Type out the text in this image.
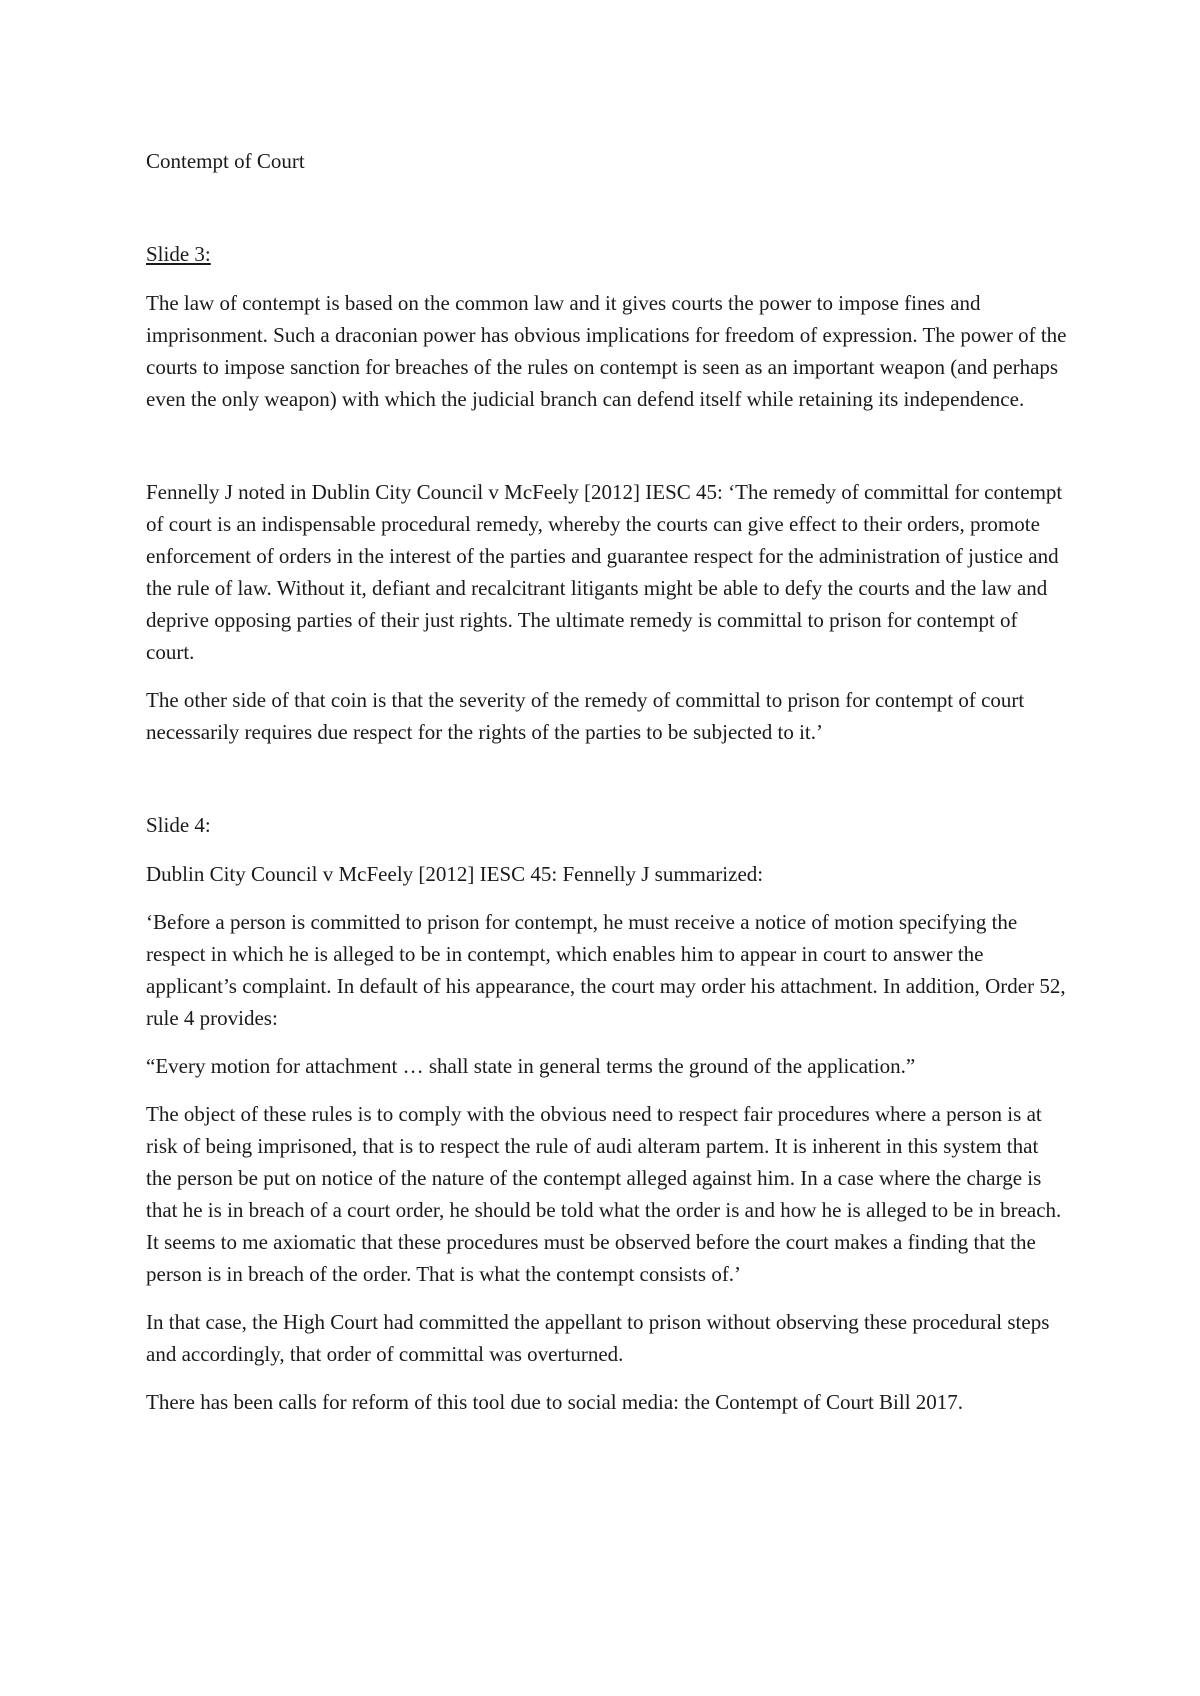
Contempt of Court

Slide 3:

The law of contempt is based on the common law and it gives courts the power to impose fines and imprisonment. Such a draconian power has obvious implications for freedom of expression. The power of the courts to impose sanction for breaches of the rules on contempt is seen as an important weapon (and perhaps even the only weapon) with which the judicial branch can defend itself while retaining its independence.

Fennelly J noted in Dublin City Council v McFeely [2012] IESC 45: ‘The remedy of committal for contempt of court is an indispensable procedural remedy, whereby the courts can give effect to their orders, promote enforcement of orders in the interest of the parties and guarantee respect for the administration of justice and the rule of law. Without it, defiant and recalcitrant litigants might be able to defy the courts and the law and deprive opposing parties of their just rights. The ultimate remedy is committal to prison for contempt of court.

The other side of that coin is that the severity of the remedy of committal to prison for contempt of court necessarily requires due respect for the rights of the parties to be subjected to it.’

Slide 4:

Dublin City Council v McFeely [2012] IESC 45: Fennelly J summarized:

‘Before a person is committed to prison for contempt, he must receive a notice of motion specifying the respect in which he is alleged to be in contempt, which enables him to appear in court to answer the applicant’s complaint. In default of his appearance, the court may order his attachment. In addition, Order 52, rule 4 provides:

“Every motion for attachment … shall state in general terms the ground of the application.”

The object of these rules is to comply with the obvious need to respect fair procedures where a person is at risk of being imprisoned, that is to respect the rule of audi alteram partem. It is inherent in this system that the person be put on notice of the nature of the contempt alleged against him. In a case where the charge is that he is in breach of a court order, he should be told what the order is and how he is alleged to be in breach. It seems to me axiomatic that these procedures must be observed before the court makes a finding that the person is in breach of the order. That is what the contempt consists of.’

In that case, the High Court had committed the appellant to prison without observing these procedural steps and accordingly, that order of committal was overturned.

There has been calls for reform of this tool due to social media: the Contempt of Court Bill 2017.
